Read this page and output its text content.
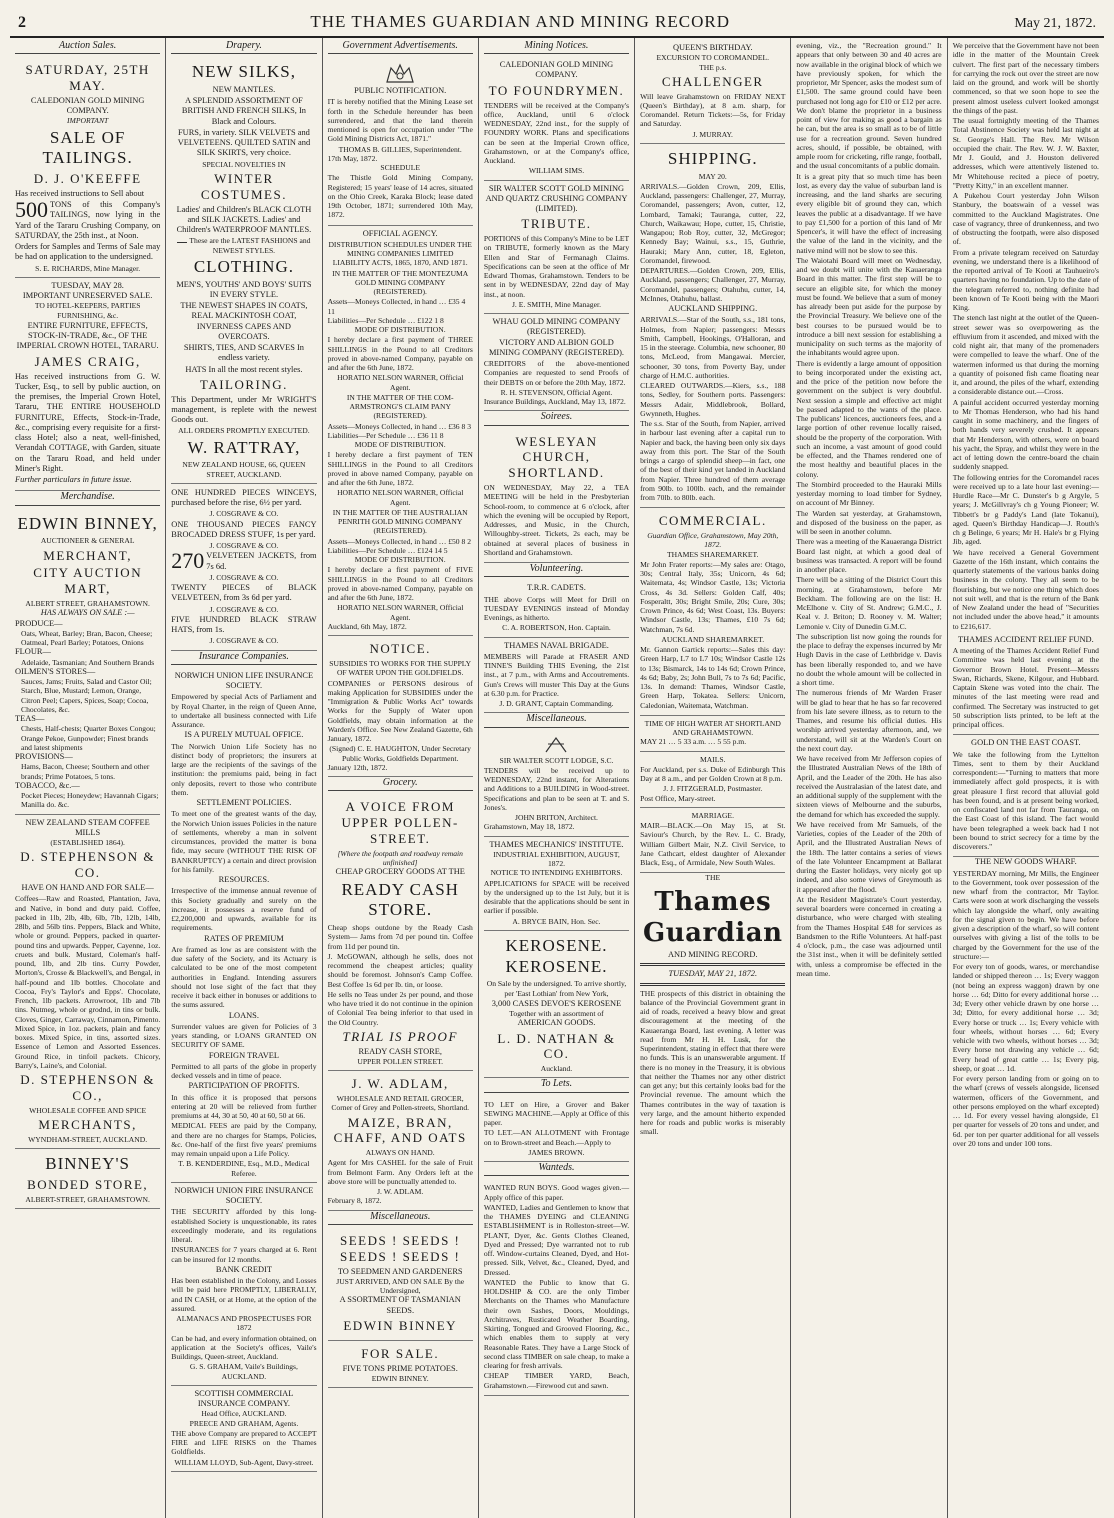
2	THE THAMES GUARDIAN AND MINING RECORD	May 21, 1872.
Auction Sales.
SATURDAY, 25TH MAY.
CALEDONIAN GOLD MINING COMPANY.
IMPORTANT
SALE OF TAILINGS.
D. J. O'KEEFFE

Has received instructions to Sell about

500 TONS of this Company's TAILINGS, now lying in the Yard of the Tararu Crushing Company, on SATURDAY, the 25th inst., at Noon.

Orders for Samples and Terms of Sale may be had on application to the undersigned.

S. E. RICHARDS, Mine Manager.
TUESDAY, MAY 28.
IMPORTANT UNRESERVED SALE.
TO HOTEL-KEEPERS, PARTIES FURNISHING, &c.

ENTIRE FURNITURE, EFFECTS, STOCK-IN-TRADE, &c., OF THE IMPERIAL CROWN HOTEL, TARARU.

JAMES CRAIG,

Has received instructions from G. W. Tucker, Esq., to sell by public auction, on the premises, the Imperial Crown Hotel, Tararu, THE ENTIRE HOUSEHOLD FURNITURE, Effects, Stock-in-Trade, &c., comprising every requisite for a first-class Hotel; also a neat, well-finished, Verandah COTTAGE, with Garden, situate on the Tararu Road, and held under Miner's Right.

Further particulars in future issue.

Merchandise.
EDWIN BINNEY,
AUCTIONEER & GENERAL
MERCHANT,
CITY AUCTION MART,
ALBERT STREET, GRAHAMSTOWN.
HAS ALWAYS ON SALE :—
PRODUCE—
Oats, Wheat, Barley; Bran, Bacon, Cheese; Oatmeal, Pearl Barley; Potatoes, Onions
FLOUR—
Adelaide, Tasmanian; And Southern Brands
OILMEN'S STORES—
Sauces, Jams; Fruits, Salad and Castor Oil; Starch, Blue, Mustard; Lemon, Orange, Citron Peel; Capers, Spices, Soap; Cocoa, Chocolates, &c.
TEAS—
Chests, Half-chests; Quarter Boxes Congou; Orange Pekoe, Gunpowder; Finest brands and latest shipments
PROVISIONS—
Hams, Bacon, Cheese; Southern and other brands; Prime Potatoes, 5 tons.
TOBACCO, &c.—
Pocket Pieces; Honeydew; Havannah Cigars; Manilla do. &c.
NEW ZEALAND STEAM COFFEE MILLS
(ESTABLISHED 1864).
D. STEPHENSON & CO.
HAVE ON HAND AND FOR SALE—

Coffees—Raw and Roasted, Plantation, Java, and Native, in bond and duty paid. Coffee, packed in 1lb, 2lb, 4lb, 6lb, 7lb, 12lb, 14lb, 28lb, and 56lb tins. Peppers, Black and White, whole or ground. Peppers, packed in quarter-pound tins and upwards. Pepper, Cayenne, 1oz. cruets and bulk. Mustard, Coleman's half-pound, 1lb, and 2lb tins. Curry Powder, Morton's, Crosse & Blackwell's, and Bengal, in half-pound and 1lb bottles. Chocolate and Cocoa, Fry's Taylor's and Epps'. Chocolate, French, 1lb packets. Arrowroot, 1lb and 7lb tins. Nutmeg, whole or grodnd, in tins or bulk. Cloves, Ginger, Carraway, Cinnamon, Pimento. Mixed Spice, in 1oz. packets, plain and fancy boxes. Mixed Spice, in tins, assorted sizes. Essence of Lemon and Assorted Essences. Ground Rice, in tinfoil packets. Chicory, Barry's, Laine's, and Colonial.

D. STEPHENSON & CO.,
WHOLESALE COFFEE AND SPICE
MERCHANTS,
WYNDHAM-STREET, AUCKLAND.
BINNEY'S
BONDED STORE,
ALBERT-STREET, GRAHAMSTOWN.
Drapery.
NEW SILKS,
NEW MANTLES.

A SPLENDID ASSORTMENT OF BRITISH AND FRENCH SILKS, In Black and Colours.

FURS, in variety. SILK VELVETS and VELVETEENS. QUILTED SATIN and SILK SKIRTS, very choice.

SPECIAL NOVELTIES IN
WINTER COSTUMES.

Ladies' and Children's BLACK CLOTH and SILK JACKETS. Ladies' and Children's WATERPROOF MANTLES.

These are the LATEST FASHIONS and NEWEST STYLES.

CLOTHING.

MEN'S, YOUTHS' AND BOYS' SUITS IN EVERY STYLE.

THE NEWEST SHAPES IN COATS, REAL MACKINTOSH COAT, INVERNESS CAPES AND OVERCOATS.

SHIRTS, TIES, AND SCARVES In endless variety.

HATS In all the most recent styles.

TAILORING.

This Department, under Mr WRIGHT'S management, is replete with the newest Goods out.

ALL ORDERS PROMPTLY EXECUTED.
W. RATTRAY,
NEW ZEALAND HOUSE, 66, QUEEN STREET, AUCKLAND.

ONE HUNDRED PIECES WINCEYS, purchased before the rise, 6½ per yard.

J. COSGRAVE & CO.

ONE THOUSAND PIECES FANCY BROCADED DRESS STUFF, 1s per yard.

J. COSGRAVE & CO.

270 VELVETEEN JACKETS, from 7s 6d.

J. COSGRAVE & CO.

TWENTY PIECES of BLACK VELVETEEN, from 3s 6d per yard.

J. COSGRAVE & CO.

FIVE HUNDRED BLACK STRAW HATS, from 1s.

J. COSGRAVE & CO.
Insurance Companies.
NORWICH UNION LIFE INSURANCE SOCIETY.

Empowered by special Acts of Parliament and by Royal Charter, in the reign of Queen Anne, to undertake all business connected with Life Assurance.

IS A PURELY MUTUAL OFFICE.

The Norwich Union Life Society has no distinct body of proprietors; the insurers at large are the recipients of the savings of the institution: the premiums paid, being in fact only deposits, revert to those who contribute them.

SETTLEMENT POLICIES.

To meet one of the greatest wants of the day, the Norwich Union issues Policies in the nature of settlements, whereby a man in solvent circumstances, provided the matter is bona fide, may secure (WITHOUT THE RISK OF BANKRUPTCY) a certain and direct provision for his family.

RESOURCES.

Irrespective of the immense annual revenue of this Society gradually and surely on the increase, it possesses a reserve fund of £2,200,000 and upwards, available for its requirements.

RATES OF PREMIUM

Are framed as low as are consistent with the due safety of the Society, and its Actuary is calculated to be one of the most competent authorities in England. Intending assurers should not lose sight of the fact that they receive it back either in bonuses or additions to the sums assured.

LOANS.

Surrender values are given for Policies of 3 years standing, or LOANS GRANTED ON SECURITY OF SAME.

FOREIGN TRAVEL

Permitted to all parts of the globe in properly decked vessels and in time of peace.

PARTICIPATION OF PROFITS.

In this office it is proposed that persons entering at 20 will be relieved from further premiums at 44, 30 at 50, 40 at 60, 50 at 66.

MEDICAL FEES are paid by the Company, and there are no charges for Stamps, Policies, &c. One-half of the first five years' premiums may remain unpaid upon a Life Policy.

T. B. KENDERDINE, Esq., M.D., Medical Referee.
NORWICH UNION FIRE INSURANCE SOCIETY.

THE SECURITY afforded by this long-established Society is unquestionable, its rates exceedingly moderate, and its regulations liberal.

INSURANCES for 7 years charged at 6. Rent can be insured for 12 months.

BANK CREDIT

Has been established in the Colony, and Losses will be paid here PROMPTLY, LIBERALLY, and IN CASH, or at Home, at the option of the assured.

ALMANACS AND PROSPECTUSES FOR 1872

Can be had, and every information obtained, on application at the Society's offices, Vaile's Buildings, Queen-street, Auckland.

G. S. GRAHAM, Vaile's Buildings, AUCKLAND.
SCOTTISH COMMERCIAL INSURANCE COMPANY.
Head Office, AUCKLAND.
PREECE AND GRAHAM, Agents.

THE above Company are prepared to ACCEPT FIRE and LIFE RISKS on the Thames Goldfields.

WILLIAM LLOYD, Sub-Agent, Davy-street.
Government Advertisements.
PUBLIC NOTIFICATION.

IT is hereby notified that the Mining Lease set forth in the Schedule hereunder has been surrendered, and that the land therein mentioned is open for occupation under "The Gold Mining Districts Act, 1871."

THOMAS B. GILLIES, Superintendent.
17th May, 1872.
SCHEDULE

The Thistle Gold Mining Company, Registered; 15 years' lease of 14 acres, situated on the Ohio Creek, Karaka Block; lease dated 19th October, 1871; surrendered 10th May, 1872.

OFFICIAL AGENCY.

DISTRIBUTION SCHEDULES UNDER THE MINING COMPANIES LIMITED LIABILITY ACTS, 1865, 1870, AND 1871.

IN THE MATTER OF THE MONTEZUMA GOLD MINING COMPANY (REGISTERED).

Assets—Moneys Collected, in hand … £35 4 11
Liabilities—Per Schedule … £122 1 8
MODE OF DISTRIBUTION.

I hereby declare a first payment of THREE SHILLINGS in the Pound to all Creditors proved in above-named Company, payable on and after the 6th June, 1872.

HORATIO NELSON WARNER, Official Agent.

IN THE MATTER OF THE COM-ARMSTRONG'S CLAIM PANY (REGISTERED).

Assets—Moneys Collected, in hand … £36 8 3
Liabilities—Per Schedule … £36 11 8
MODE OF DISTRIBUTION.

I hereby declare a first payment of TEN SHILLINGS in the Pound to all Creditors proved in above named Company, payable on and after the 6th June, 1872.

HORATIO NELSON WARNER, Official Agent.

IN THE MATTER OF THE AUSTRALIAN PENRITH GOLD MINING COMPANY (REGISTERED).

Assets—Moneys Collected, in hand … £50 8 2
Liabilities—Per Schedule … £124 14 5
MODE OF DISTRIBUTION.

I hereby declare a first payment of FIVE SHILLINGS in the Pound to all Creditors proved in above-named Company, payable on and after the 6th June, 1872.

HORATIO NELSON WARNER, Official Agent.
Auckland, 6th May, 1872.
NOTICE.
SUBSIDIES TO WORKS FOR THE SUPPLY OF WATER UPON THE GOLDFIELDS.

COMPANIES or PERSONS desirous of making Application for SUBSIDIES under the "Immigration & Public Works Act" towards Works for the Supply of Water upon Goldfields, may obtain information at the Warden's Office. See New Zealand Gazette, 6th January, 1872.

(Signed) C. E. HAUGHTON, Under Secretary Public Works, Goldfields Department.
January 12th, 1872.
Grocery.
A VOICE FROM UPPER POLLEN-STREET.
[Where the footpath and roadway remain unfinished]
CHEAP GROCERY GOODS AT THE
READY CASH STORE.

Cheap shops outdone by the Ready Cash System— Jams from 7d per pound tin. Coffee from 11d per pound tin.

J. McGOWAN, although he sells, does not recommend the cheapest articles; quality should be foremost. Johnson's Camp Coffee. Best Coffee 1s 6d per lb. tin, or loose.

He sells no Teas under 2s per pound, and those who have tried it do not continue in the opinion of Colonial Tea being inferior to that used in the Old Country.

TRIAL IS PROOF
READY CASH STORE,
UPPER POLLEN STREET.
J. W. ADLAM,
WHOLESALE AND RETAIL GROCER,
Corner of Grey and Pollen-streets, Shortland.
MAIZE, BRAN, CHAFF, AND OATS
ALWAYS ON HAND.

Agent for Mrs CASHEL for the sale of Fruit from Belmont Farm. Any Orders left at the above store will be punctually attended to.

J. W. ADLAM.
February 8, 1872.
Miscellaneous.
SEEDS ! SEEDS ! SEEDS ! SEEDS !
TO SEEDMEN AND GARDENERS
JUST ARRIVED, AND ON SALE By the Undersigned,
A SSORTMENT OF TASMANIAN SEEDS.
EDWIN BINNEY
FOR SALE.
FIVE TONS PRIME POTATOES.
EDWIN BINNEY.
Mining Notices.
CALEDONIAN GOLD MINING COMPANY.
TO FOUNDRYMEN.

TENDERS will be received at the Company's office, Auckland, until 6 o'clock WEDNESDAY, 22nd inst., for the supply of FOUNDRY WORK. Plans and specifications can be seen at the Imperial Crown office, Grahamstown, or at the Company's office, Auckland.

WILLIAM SIMS.
SIR WALTER SCOTT GOLD MINING AND QUARTZ CRUSHING COMPANY (LIMITED).
TRIBUTE.

PORTIONS of this Company's Mine to be LET on TRIBUTE, formerly known as the Mary Ellen and Star of Fermanagh Claims. Specifications can be seen at the office of Mr Edward Thomas, Grahamstown. Tenders to be sent in by WEDNESDAY, 22nd day of May inst., at noon.

J. E. SMITH, Mine Manager.
WHAU GOLD MINING COMPANY (REGISTERED).
VICTORY AND ALBION GOLD MINING COMPANY (REGISTERED).

CREDITORS of the above-mentioned Companies are requested to send Proofs of their DEBTS on or before the 20th May, 1872.

R. H. STEVENSON, Official Agent.
Insurance Buildings, Auckland, May 13, 1872.
Soirees.
WESLEYAN CHURCH, SHORTLAND.

ON WEDNESDAY, May 22, a TEA MEETING will be held in the Presbyterian School-room, to commence at 6 o'clock, after which the evening will be occupied by Report, Addresses, and Music, in the Church, Willoughby-street. Tickets, 2s each, may be obtained at several places of business in Shortland and Grahamstown.

Volunteering.
T.R.R. CADETS.

THE above Corps will Meet for Drill on TUESDAY EVENINGS instead of Monday Evenings, as hitherto.

C. A. ROBERTSON, Hon. Captain.
THAMES NAVAL BRIGADE.

MEMBERS will Parade at FRASER AND TINNE'S Building THIS Evening, the 21st inst., at 7 p.m., with Arms and Accoutrements. Gun's Crews will muster This Day at the Guns at 6.30 p.m. for Practice.

J. D. GRANT, Captain Commanding.
Miscellaneous.
SIR WALTER SCOTT LODGE, S.C.

TENDERS will be received up to WEDNESDAY, 22nd instant, for Alterations and Additions to a BUILDING in Wood-street. Specifications and plan to be seen at T. and S. Jones's.

JOHN BRITON, Architect.
Grahamstown, May 18, 1872.
THAMES MECHANICS' INSTITUTE.
INDUSTRIAL EXHIBITION, AUGUST, 1872.
NOTICE TO INTENDING EXHIBITORS.

APPLICATIONS for SPACE will be received by the undersigned up to the 1st July, but it is desirable that the applications should be sent in earlier if possible.

A. BRYCE BAIN, Hon. Sec.
KEROSENE. KEROSENE.

On Sale by the undersigned. To arrive shortly, per 'East Lothian' from New York,

3,000 CASES DEVOE'S KEROSENE
Together with an assortment of
AMERICAN GOODS.
L. D. NATHAN & CO.
Auckland.
To Lets.

TO LET on Hire, a Grover and Baker SEWING MACHINE.—Apply at Office of this paper.

TO LET.—AN ALLOTMENT with Frontage on to Brown-street and Beach.—Apply to

JAMES BROWN.
Wanteds.

WANTED RUN BOYS. Good wages given.—Apply office of this paper.

WANTED, Ladies and Gentlemen to know that the THAMES DYEING and CLEANING ESTABLISHMENT is in Rolleston-street—W. PLANT, Dyer, &c. Gents Clothes Cleaned, Dyed and Pressed; Dye warranted not to rub off. Window-curtains Cleaned, Dyed, and Hot-pressed. Silk, Velvet, &c., Cleaned, Dyed, and Dressed.

WANTED the Public to know that G. HOLDSHIP & CO. are the only Timber Merchants on the Thames who Manufacture their own Sashes, Doors, Mouldings, Architraves, Rusticated Weather Boarding, Skirting, Tongued and Grooved Flooring, &c., which enables them to supply at very Reasonable Rates. They have a Large Stock of second class TIMBER on sale cheap, to make a clearing for fresh arrivals.

CHEAP TIMBER YARD, Beach, Grahamstown.—Firewood cut and sawn.

QUEEN'S BIRTHDAY.
EXCURSION TO COROMANDEL.
THE p.s.
CHALLENGER

Will leave Grahamstown on FRIDAY NEXT (Queen's Birthday), at 8 a.m. sharp, for Coromandel. Return Tickets:—5s, for Friday and Saturday.

J. MURRAY.
SHIPPING.
MAY 20.

ARRIVALS.—Golden Crown, 209, Ellis, Auckland, passengers: Challenger, 27, Murray, Coromandel, passengers; Avon, cutter, 12, Lombard, Tamaki; Tauranga, cutter, 22, Church, Waikawau; Hope, cutter, 15, Christie, Wangapou; Rob Roy, cutter, 32, McGregor; Kennedy Bay; Wainui, s.s., 15, Guthrie, Hauraki; Mary Ann, cutter, 18, Egleton, Coromandel, firewood.

DEPARTURES.—Golden Crown, 209, Ellis, Auckland, passengers; Challenger, 27, Murray, Coromandel, passengers; Otahuhu, cutter, 14, McInnes, Otahuhu, ballast.

AUCKLAND SHIPPING.

ARRIVALS.—Star of the South, s.s., 181 tons, Holmes, from Napier; passengers: Messrs Smith, Campbell, Hookings, O'Halloran, and 15 in the steerage. Columbia, new schooner, 80 tons, McLeod, from Mangawai. Mercier, schooner, 30 tons, from Poverty Bay, under charge of H.M.C. authorities.

CLEARED OUTWARDS.—Kiers, s.s., 188 tons, Sedley, for Southern ports. Passengers: Messrs Adair, Middlebrook, Bollard, Gwynneth, Hughes.

The s.s. Star of the South, from Napier, arrived in harbour last evening after a capital run to Napier and back, the having been only six days away from this port. The Star of the South brings a cargo of splendid sheep—in fact, one of the best of their kind yet landed in Auckland from Napier. Three hundred of them average from 90lb. to 100lb. each, and the remainder from 70lb. to 80lb. each.

COMMERCIAL.
Guardian Office, Grahamstown, May 20th, 1872.
THAMES SHAREMARKET.

Mr John Frater reports:—My sales are: Otago, 30s; Central Italy, 35s; Unicorn, 4s 6d; Waitemata, 4s; Windsor Castle, 13s; Victoria Cross, 4s 3d. Sellers: Golden Calf, 40s; Fosperaltt, 30s; Bright Smile, 20s; Cure, 30s; Crown Prince, 4s 6d; West Coast, 13s. Buyers: Windsor Castle, 13s; Thames, £10 7s 6d; Watchman, 7s 6d.

AUCKLAND SHAREMARKET.

Mr. Gannon Gartick reports:—Sales this day: Green Harp, L7 to L7 10s; Windsor Castle 12s to 13s; Bismarck, 14s to 14s 6d; Crown Prince, 4s 6d; Baby, 2s; John Bull, 7s to 7s 6d; Pacific, 13s. In demand: Thames, Windsor Castle, Green Harp, Tokatea. Sellers: Unicorn, Caledonian, Waitemata, Watchman.

TIME OF HIGH WATER AT SHORTLAND AND GRAHAMSTOWN.
MAY 21 … 5 33 a.m. … 5 55 p.m.
MAILS.

For Auckland, per s.s. Duke of Edinburgh This Day at 8 a.m., and per Golden Crown at 8 p.m.

J. J. FITZGERALD, Postmaster.
Post Office, Mary-street.
MARRIAGE.

MAIR—BLACK.—On May 15, at St. Saviour's Church, by the Rev. L. C. Brady, William Gilbert Mair, N.Z. Civil Service, to Jane Cathcart, eldest daughter of Alexander Black, Esq., of Armidale, New South Wales.

THE
Thames Guardian
AND MINING RECORD.
TUESDAY, MAY 21, 1872.

THE prospects of this district in obtaining the balance of the Provincial Government grant in aid of roads, received a heavy blow and great discouragement at the meeting of the Kauaeranga Board, last evening. A letter was read from Mr H. H. Lusk, for the Superintendent, stating in effect that there were no funds. This is an unanswerable argument. If there is no money in the Treasury, it is obvious that neither the Thames nor any other district can get any; but this certainly looks bad for the Provincial revenue. The amount which the Thames contributes in the way of taxation is very large, and the amount hitherto expended here for roads and public works is miserably small.

evening, viz., the "Recreation ground." It appears that only between 30 and 40 acres are now available in the original block of which we have previously spoken, for which the proprietor, Mr Spencer, asks the modest sum of £1,500. The same ground could have been purchased not long ago for £10 or £12 per acre. We don't blame the proprietor in a business point of view for making as good a bargain as he can, but the area is so small as to be of little use for a recreation ground. Seven hundred acres, should, if possible, be obtained, with ample room for cricketing, rifle range, football, and the usual concomitants of a public domain.

It is a great pity that so much time has been lost, as every day the value of suburban land is increasing, and the land sharks are securing every eligible bit of ground they can, which leaves the public at a disadvantage. If we have to pay £1,500 for a portion of this land of Mr Spencer's, it will have the effect of increasing the value of the land in the vicinity, and the native mind will not be slow to see this.

The Waiotahi Board will meet on Wednesday, and we doubt will unite with the Kauaeranga Board in this matter. The first step will be to secure an eligible site, for which the money must be found. We believe that a sum of money has already been put aside for the purpose by the Provincial Treasury. We believe one of the best courses to be pursued would be to introduce a bill next session for establishing a municipality on such terms as the majority of the inhabitants would agree upon.

There is evidently a large amount of opposition to being incorporated under the existing act, and the price of the petition now before the government on the subject is very doubtful. Next session a simple and effective act might be passed adapted to the wants of the place. The publicans' licences, auctioneers fees, and a large portion of other revenue locally raised, should be the property of the corporation. With such an income, a vast amount of good could be effected, and the Thames rendered one of the most healthy and beautiful places in the colony.

The Stornbird proceeded to the Hauraki Mills yesterday morning to load timber for Sydney, on account of Mr Binney.

The Warden sat yesterday, at Grahamstown, and disposed of the business on the paper, as will be seen in another column.

There was a meeting of the Kauaeranga District Board last night, at which a good deal of business was transacted. A report will be found in another place.

There will be a sitting of the District Court this morning, at Grahamstown, before Mr Beckham. The following are on the list: H. McElhone v. City of St. Andrew; G.M.C., J. Keal v. J. Briton; D. Rooney v. M. Walter; Lemonie v. City of Dunedin G.M.C.

The subscription list now going the rounds for the place to defray the expenses incurred by Mr Hugh Davis in the case of Lethbridge v. Davis has been liberally responded to, and we have no doubt the whole amount will be collected in a short time.

The numerous friends of Mr Warden Fraser will be glad to hear that he has so far recovered from his late severe illness, as to return to the Thames, and resume his official duties. His worship arrived yesterday afternoon, and, we understand, will sit at the Warden's Court on the next court day.

We have received from Mr Jefferson copies of the Illustrated Australian News of the 18th of April, and the Leader of the 20th. He has also received the Australasian of the latest date, and an additional supply of the supplement with the sixteen views of Melbourne and the suburbs, the demand for which has exceeded the supply.

We have received from Mr Samuels, of the Varieties, copies of the Leader of the 20th of April, and the Illustrated Australian News of the 18th. The latter contains a series of views of the late Volunteer Encampment at Ballarat during the Easter holidays, very nicely got up indeed, and also some views of Greymouth as it appeared after the flood.

At the Resident Magistrate's Court yesterday, several boarders were concerned in creating a disturbance, who were charged with stealing from the Thames Hospital £48 for services as Bandsmen to the Rifle Volunteers. At half-past 4 o'clock, p.m., the case was adjourned until the 31st inst., when it will be definitely settled with, unless a compromise be effected in the mean time.

We perceive that the Government have not been idle in the matter of the Mountain Creek culvert. The first part of the necessary timbers for carrying the rock out over the street are now laid on the ground, and work will be shortly commenced, so that we soon hope to see the present almost useless culvert looked amongst the things of the past.

The usual fortnightly meeting of the Thames Total Abstinence Society was held last night at St. George's Hall. The Rev. Mr Wilson occupied the chair. The Rev. W. J. W. Baxter, Mr J. Gould, and J. Houston delivered addresses, which were attentively listened to. Mr Whitehouse recited a piece of poetry, "Pretty Kitty," in an excellent manner.

A Pukehou Court yesterday John Wilson Stanbury, the boatswain of a vessel was committed to the Auckland Magistrates. One case of vagrancy, three of drunkenness, and two of obstructing the footpath, were also disposed of.

From a private telegram received on Saturday evening, we understand there is a likelihood of the reported arrival of Te Kooti at Tauhueiro's quarters having no foundation. Up to the date of the telegram referred to, nothing definite had been known of Te Kooti being with the Maori King.

The stench last night at the outlet of the Queen-street sewer was so overpowering as the effluvium from it ascended, and mixed with the cold night air, that many of the promenaders were compelled to leave the wharf. One of the watermen informed us that during the morning a quantity of poisoned fish came floating near it, and around, the piles of the wharf, extending a considerable distance out.—Cross.

A painful accident occurred yesterday morning to Mr Thomas Henderson, who had his hand caught in some machinery, and the fingers of both hands very severely crushed. It appears that Mr Henderson, with others, were on board his yacht, the Spray, and whilst they were in the act of letting down the centre-board the chain suddenly snapped.

The following entries for the Coromandel races were received up to a late hour last evening:—Hurdle Race—Mr C. Dunster's b g Argyle, 5 years; J. McGillvray's ch g Young Pioneer; W. Tibbett's br g Paddy's Land (late Tokanui), aged. Queen's Birthday Handicap—J. Routh's ch g Belinge, 6 years; Mr H. Hale's br g Flying Jib, aged.

We have received a General Government Gazette of the 16th instant, which contains the quarterly statements of the various banks doing business in the colony. They all seem to be flourishing, but we notice one thing which does not suit well, and that is the return of the Bank of New Zealand under the head of "Securities not included under the above head," it amounts to £216,617.

THAMES ACCIDENT RELIEF FUND.

A meeting of the Thames Accident Relief Fund Committee was held last evening at the Governor Brown Hotel. Present—Messrs Swan, Richards, Skene, Kilgour, and Hubbard. Captain Skene was voted into the chair. The minutes of the last meeting were read and confirmed. The Secretary was instructed to get 50 subscription lists printed, to be left at the principal offices.

GOLD ON THE EAST COAST.

We take the following from the Lyttelton Times, sent to them by their Auckland correspondent:—"Turning to matters that more immediately affect gold prospects, it is with great pleasure I first record that alluvial gold has been found, and is at present being worked, on confiscated land not far from Tauranga, on the East Coast of this island. The fact would have been telegraphed a week back had I not been bound to strict secrecy for a time by the discoverers."

THE NEW GOODS WHARF.

YESTERDAY morning, Mr Mills, the Engineer to the Government, took over possession of the new wharf from the contractor, Mr Taylor. Carts were soon at work discharging the vessels which lay alongside the wharf, only awaiting for the signal given to begin. We have before given a description of the wharf, so will content ourselves with giving a list of the tolls to be charged by the Government for the use of the structure:—

For every ton of goods, wares, or merchandise landed or shipped thereon … 1s; Every waggon (not being an express waggon) drawn by one horse … 6d; Ditto for every additional horse … 3d; Every other vehicle drawn by one horse … 3d; Ditto, for every additional horse … 3d; Every horse or truck … 1s; Every vehicle with four wheels, without horses … 6d; Every vehicle with two wheels, without horses … 3d; Every horse not drawing any vehicle … 6d; Every head of great cattle … 1s; Every pig, sheep, or goat … 1d.

For every person landing from or going on to the wharf (crews of vessels alongside, licensed watermen, officers of the Government, and other persons employed on the wharf excepted) … 1d. For every vessel having alongside, £1 per quarter for vessels of 20 tons and under, and 6d. per ton per quarter additional for all vessels over 20 tons and under 100 tons.
